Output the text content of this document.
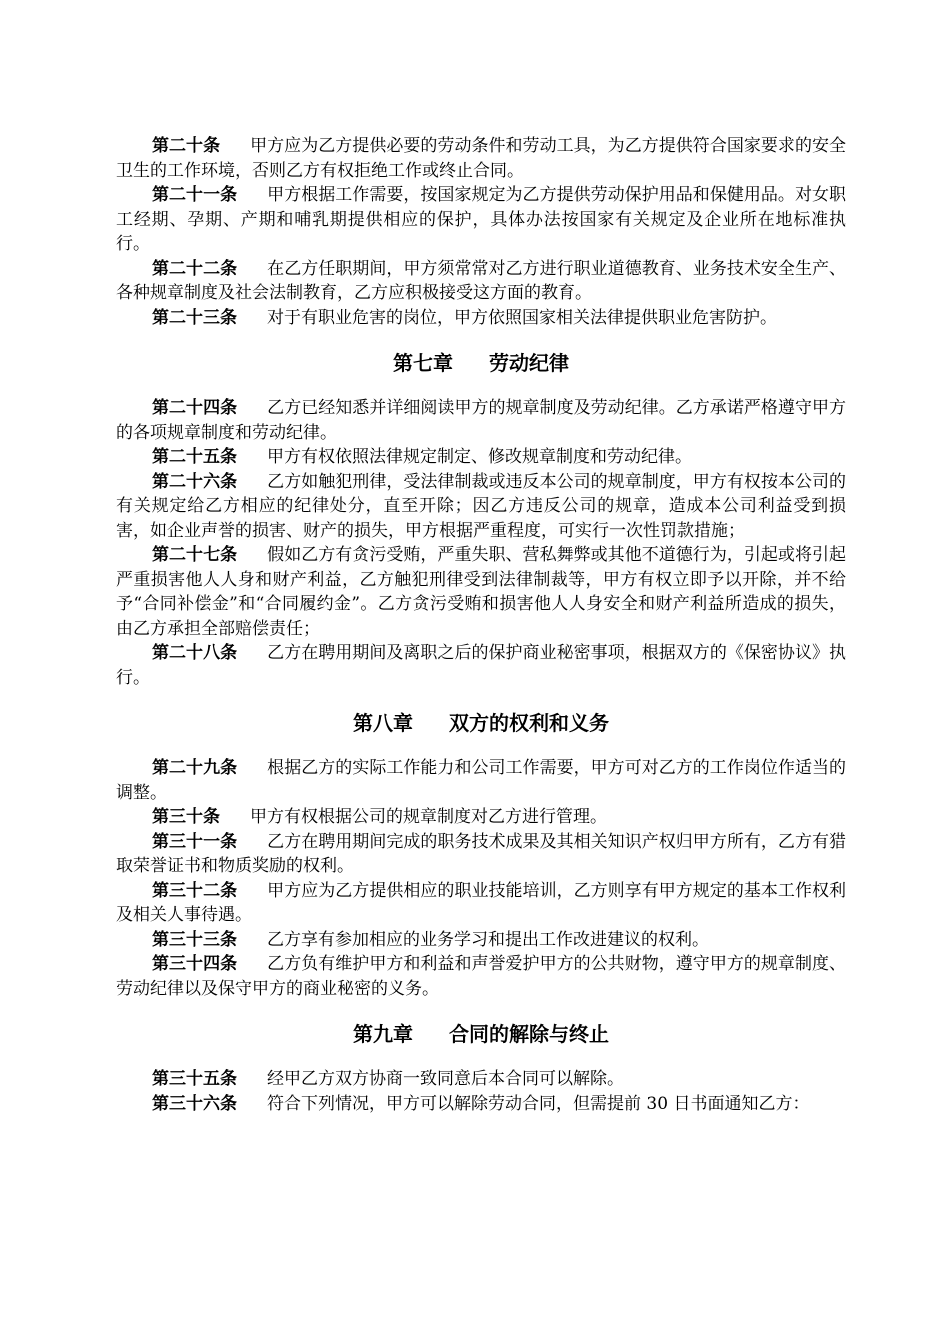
第二十条 甲方应为乙方提供必要的劳动条件和劳动工具，为乙方提供符合国家要求的安全卫生的工作环境，否则乙方有权拒绝工作或终止合同。

第二十一条 甲方根据工作需要，按国家规定为乙方提供劳动保护用品和保健用品。对女职工经期、孕期、产期和哺乳期提供相应的保护，具体办法按国家有关规定及企业所在地标准执行。

第二十二条 在乙方任职期间，甲方须常常对乙方进行职业道德教育、业务技术安全生产、各种规章制度及社会法制教育，乙方应积极接受这方面的教育。

第二十三条 对于有职业危害的岗位，甲方依照国家相关法律提供职业危害防护。

第七章 劳动纪律

第二十四条 乙方已经知悉并详细阅读甲方的规章制度及劳动纪律。乙方承诺严格遵守甲方的各项规章制度和劳动纪律。

第二十五条 甲方有权依照法律规定制定、修改规章制度和劳动纪律。

第二十六条 乙方如触犯刑律，受法律制裁或违反本公司的规章制度，甲方有权按本公司的有关规定给乙方相应的纪律处分，直至开除；因乙方违反公司的规章，造成本公司利益受到损害，如企业声誉的损害、财产的损失，甲方根据严重程度，可实行一次性罚款措施；

第二十七条 假如乙方有贪污受贿，严重失职、营私舞弊或其他不道德行为，引起或将引起严重损害他人人身和财产利益，乙方触犯刑律受到法律制裁等，甲方有权立即予以开除，并不给予“合同补偿金”和“合同履约金”。乙方贪污受贿和损害他人人身安全和财产利益所造成的损失，由乙方承担全部赔偿责任；

第二十八条 乙方在聘用期间及离职之后的保护商业秘密事项，根据双方的《保密协议》执行。

第八章 双方的权利和义务

第二十九条 根据乙方的实际工作能力和公司工作需要，甲方可对乙方的工作岗位作适当的调整。

第三十条 甲方有权根据公司的规章制度对乙方进行管理。

第三十一条 乙方在聘用期间完成的职务技术成果及其相关知识产权归甲方所有，乙方有猎取荣誉证书和物质奖励的权利。

第三十二条 甲方应为乙方提供相应的职业技能培训，乙方则享有甲方规定的基本工作权利及相关人事待遇。

第三十三条 乙方享有参加相应的业务学习和提出工作改进建议的权利。

第三十四条 乙方负有维护甲方和利益和声誉爱护甲方的公共财物，遵守甲方的规章制度、劳动纪律以及保守甲方的商业秘密的义务。

第九章 合同的解除与终止

第三十五条 经甲乙方双方协商一致同意后本合同可以解除。

第三十六条 符合下列情况，甲方可以解除劳动合同，但需提前 30 日书面通知乙方：
